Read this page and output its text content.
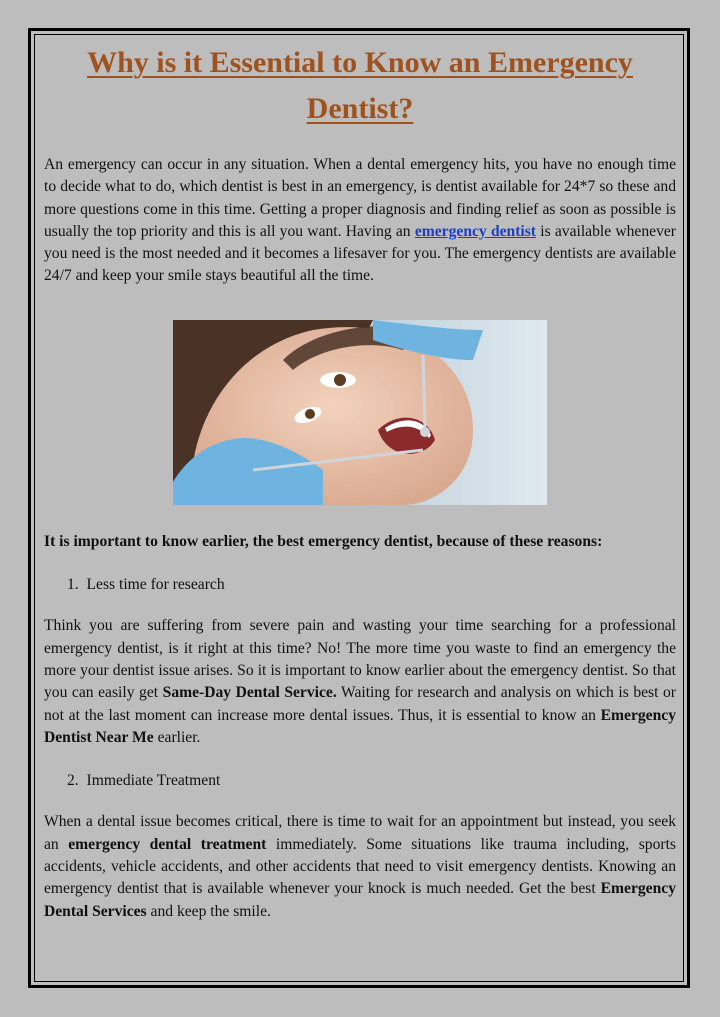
Why is it Essential to Know an Emergency Dentist?

An emergency can occur in any situation. When a dental emergency hits, you have no enough time to decide what to do, which dentist is best in an emergency, is dentist available for 24*7 so these and more questions come in this time. Getting a proper diagnosis and finding relief as soon as possible is usually the top priority and this is all you want. Having an emergency dentist is available whenever you need is the most needed and it becomes a lifesaver for you. The emergency dentists are available 24/7 and keep your smile stays beautiful all the time.

It is important to know earlier, the best emergency dentist, because of these reasons:

1. Less time for research

Think you are suffering from severe pain and wasting your time searching for a professional emergency dentist, is it right at this time? No! The more time you waste to find an emergency the more your dentist issue arises. So it is important to know earlier about the emergency dentist. So that you can easily get Same-Day Dental Service. Waiting for research and analysis on which is best or not at the last moment can increase more dental issues. Thus, it is essential to know an Emergency Dentist Near Me earlier.

2. Immediate Treatment

When a dental issue becomes critical, there is time to wait for an appointment but instead, you seek an emergency dental treatment immediately. Some situations like trauma including, sports accidents, vehicle accidents, and other accidents that need to visit emergency dentists. Knowing an emergency dentist that is available whenever your knock is much needed. Get the best Emergency Dental Services and keep the smile.
